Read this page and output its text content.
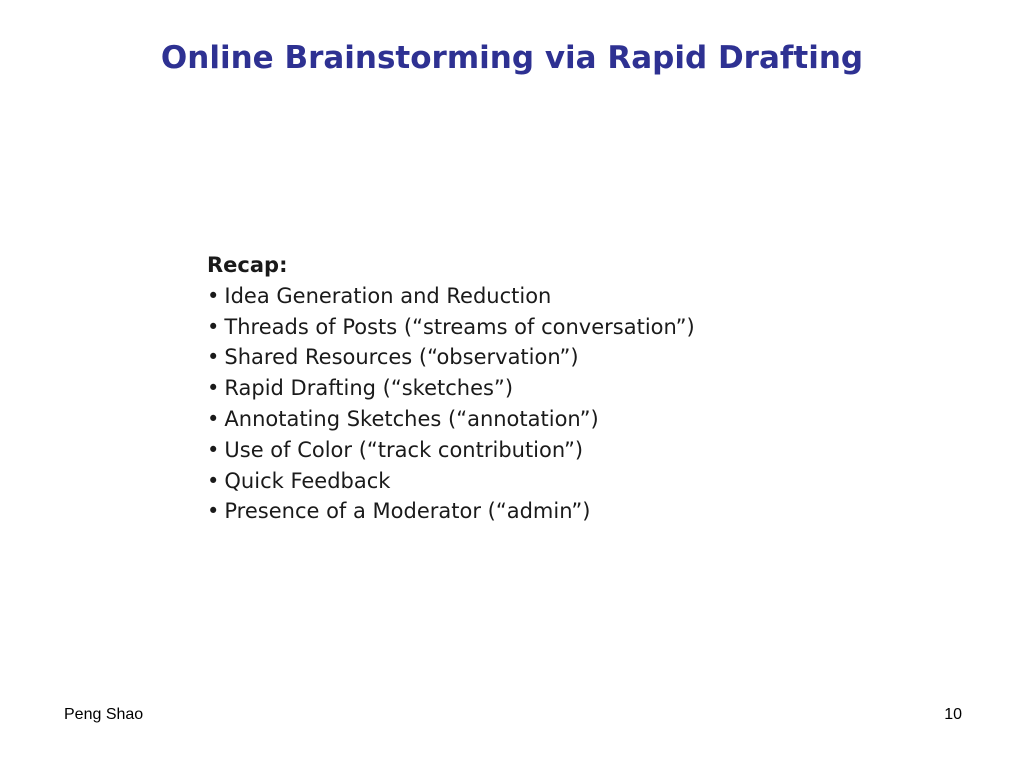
Online Brainstorming via Rapid Drafting
Recap:
• Idea Generation and Reduction
• Threads of Posts (“streams of conversation”)
• Shared Resources (“observation”)
• Rapid Drafting (“sketches”)
• Annotating Sketches (“annotation”)
• Use of Color (“track contribution”)
• Quick Feedback
• Presence of a Moderator (“admin”)
Peng Shao	10
